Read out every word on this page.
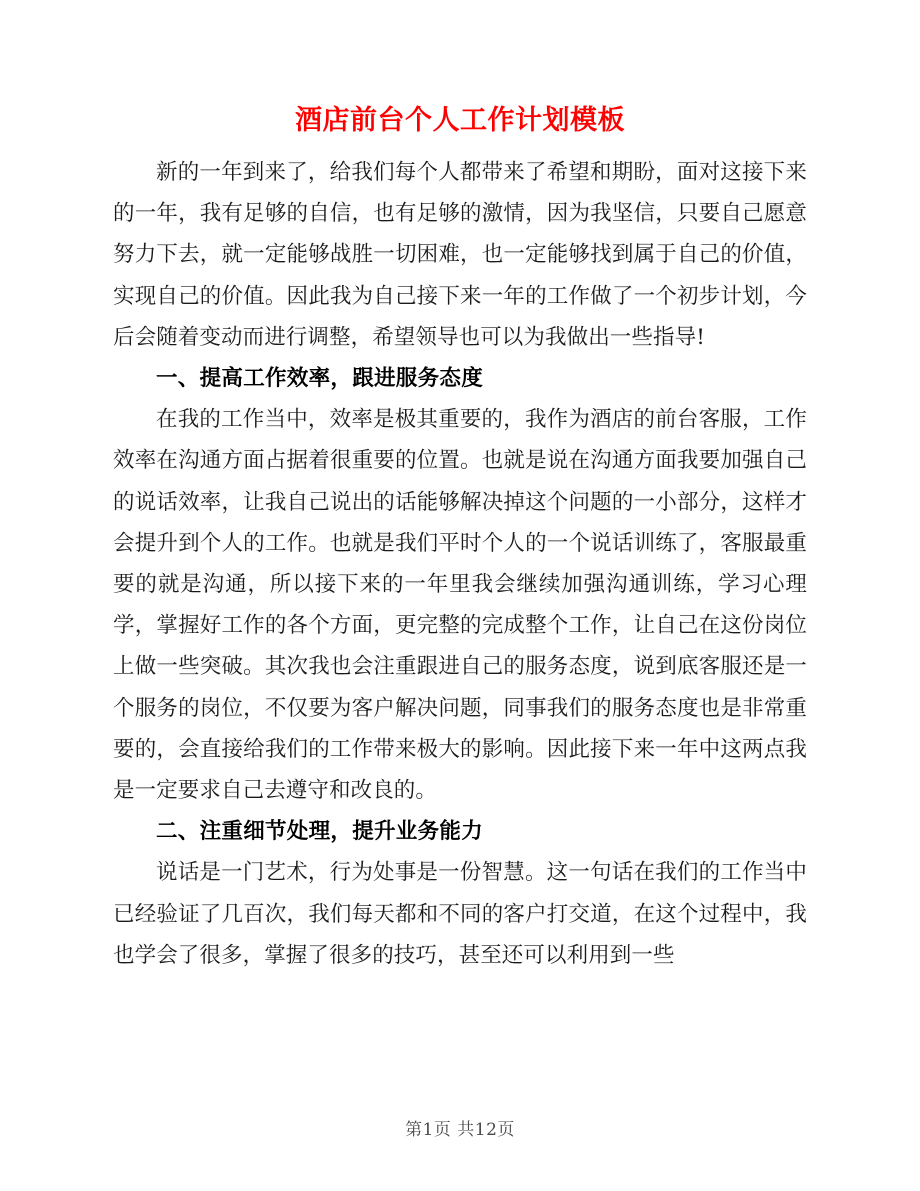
酒店前台个人工作计划模板

新的一年到来了，给我们每个人都带来了希望和期盼，面对这接下来的一年，我有足够的自信，也有足够的激情，因为我坚信，只要自己愿意努力下去，就一定能够战胜一切困难，也一定能够找到属于自己的价值，实现自己的价值。因此我为自己接下来一年的工作做了一个初步计划，今后会随着变动而进行调整，希望领导也可以为我做出一些指导!

一、提高工作效率，跟进服务态度

在我的工作当中，效率是极其重要的，我作为酒店的前台客服，工作效率在沟通方面占据着很重要的位置。也就是说在沟通方面我要加强自己的说话效率，让我自己说出的话能够解决掉这个问题的一小部分，这样才会提升到个人的工作。也就是我们平时个人的一个说话训练了，客服最重要的就是沟通，所以接下来的一年里我会继续加强沟通训练，学习心理学，掌握好工作的各个方面，更完整的完成整个工作，让自己在这份岗位上做一些突破。其次我也会注重跟进自己的服务态度，说到底客服还是一个服务的岗位，不仅要为客户解决问题，同事我们的服务态度也是非常重要的，会直接给我们的工作带来极大的影响。因此接下来一年中这两点我是一定要求自己去遵守和改良的。

二、注重细节处理，提升业务能力

说话是一门艺术，行为处事是一份智慧。这一句话在我们的工作当中已经验证了几百次，我们每天都和不同的客户打交道，在这个过程中，我也学会了很多，掌握了很多的技巧，甚至还可以利用到一些

第1页 共12页
